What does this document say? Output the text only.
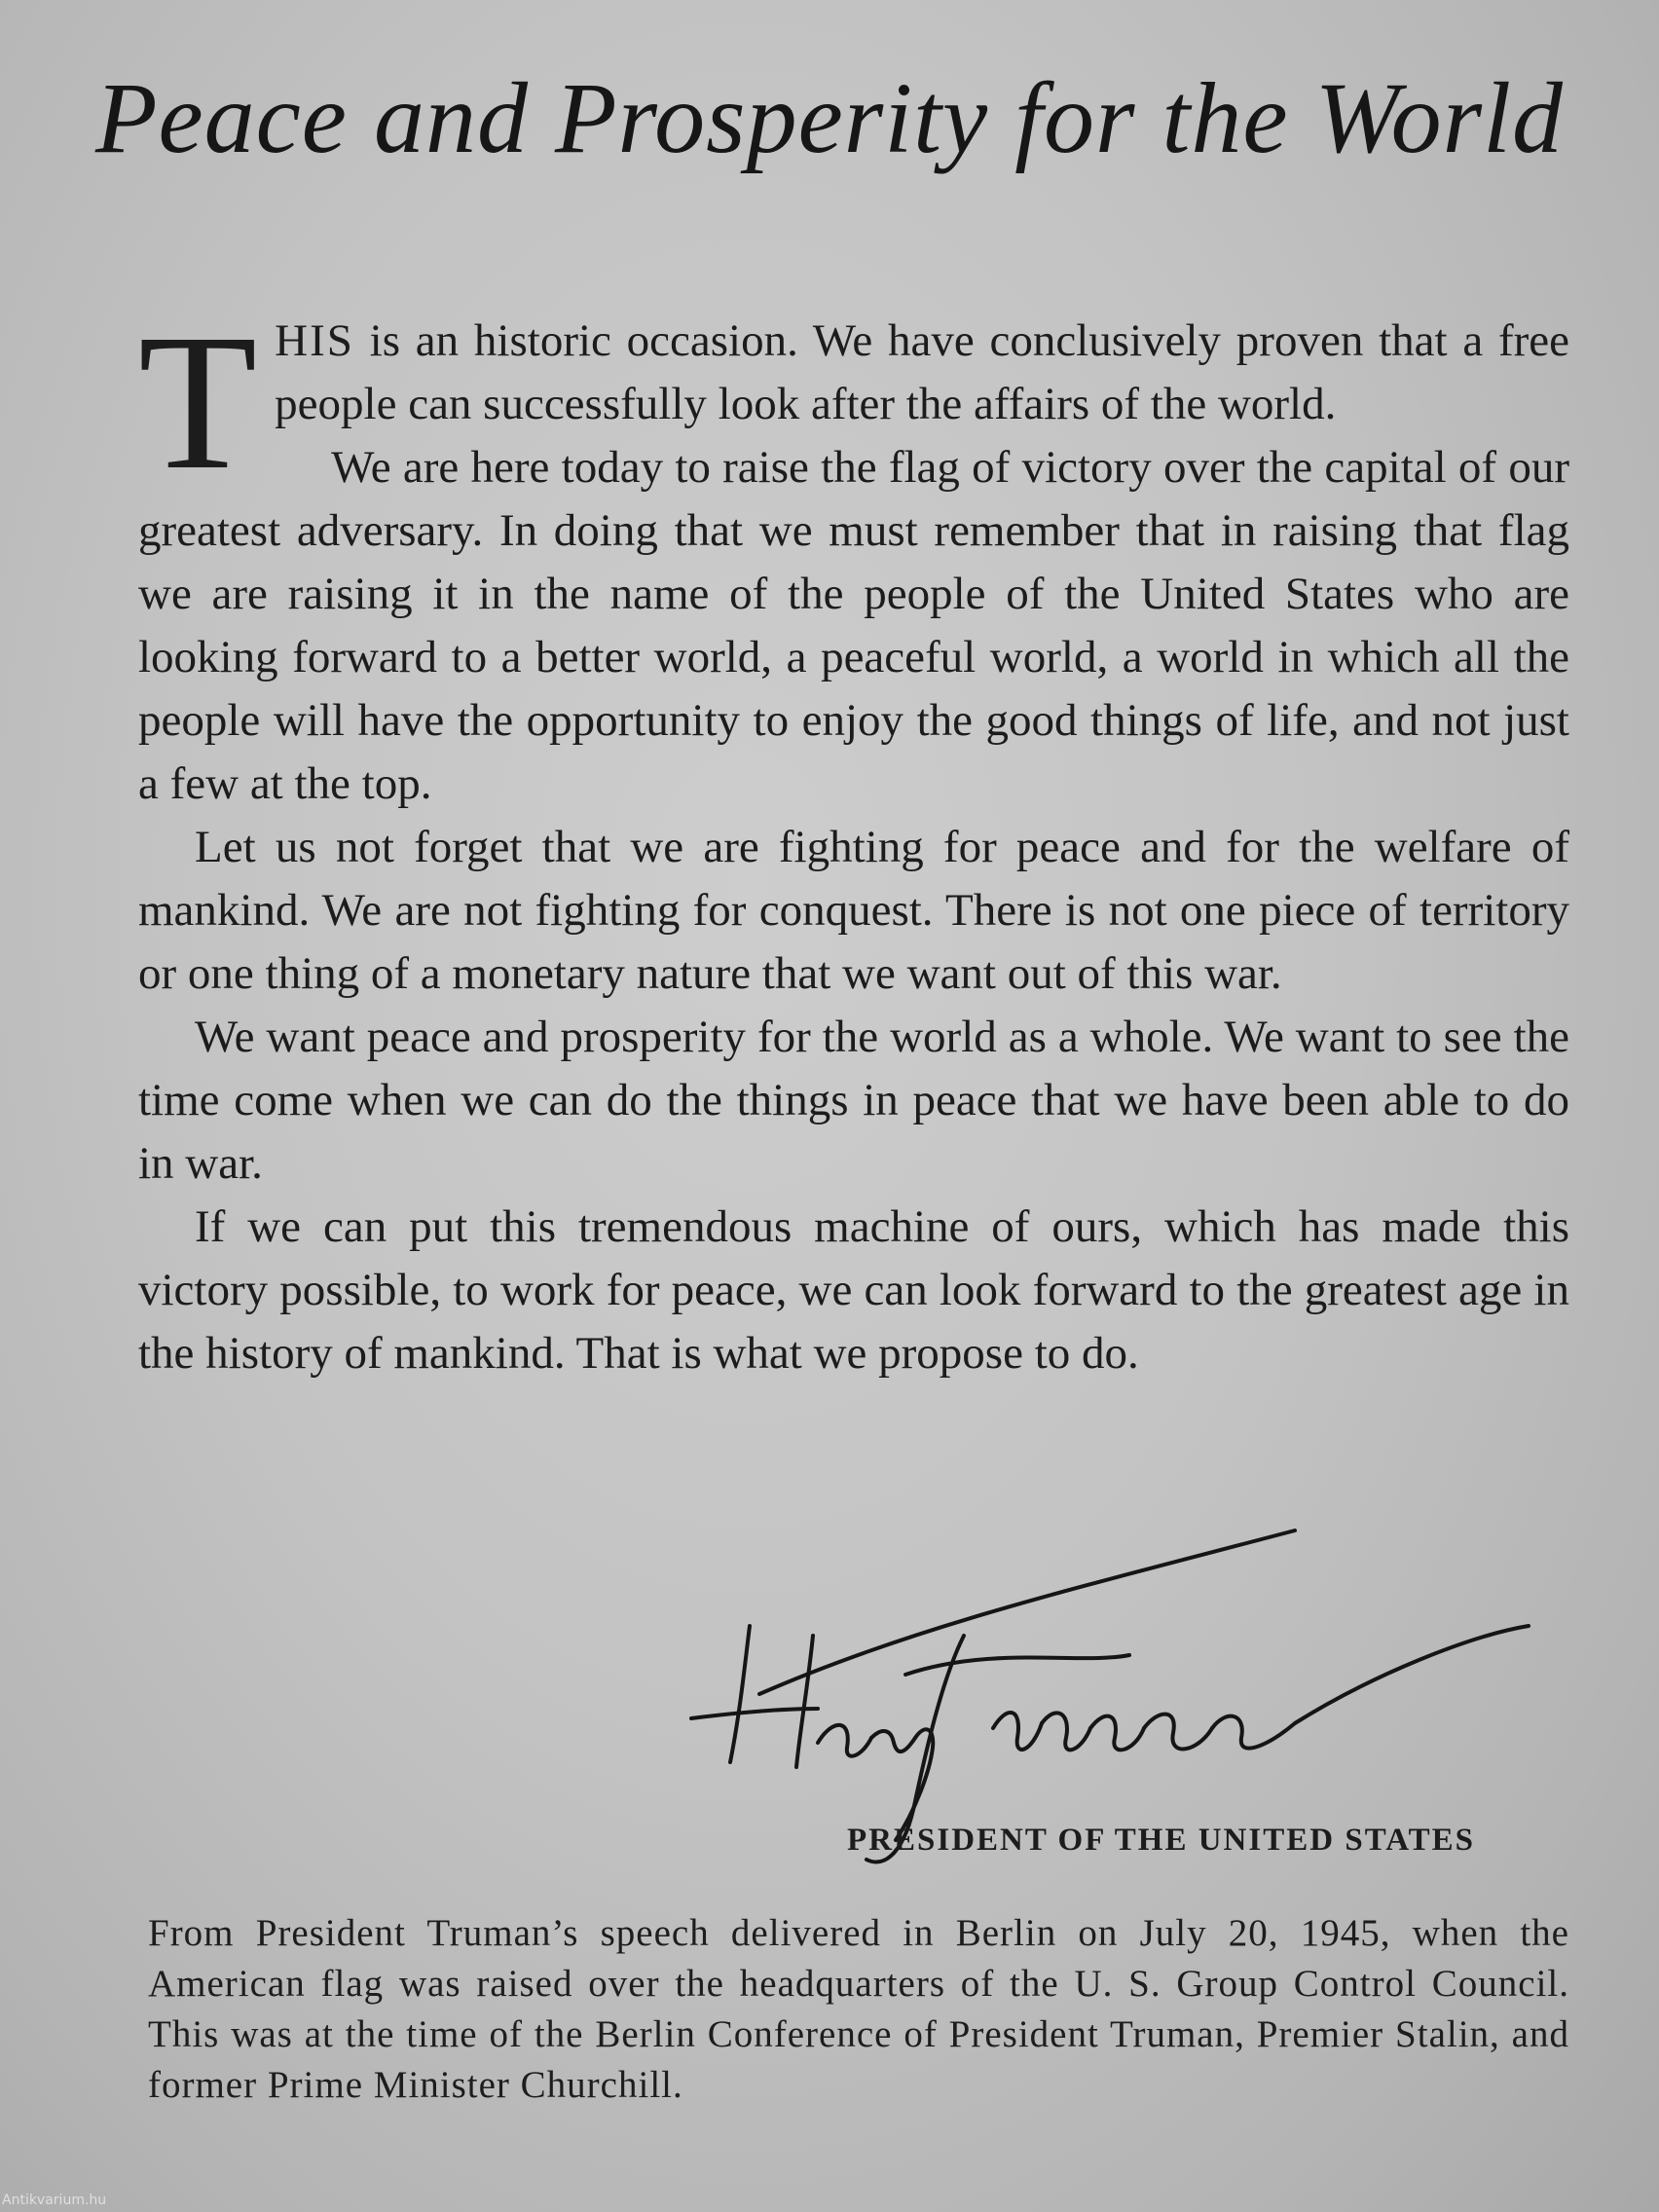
Peace and Prosperity for the World

THIS is an historic occasion. We have conclusively proven that a free people can successfully look after the affairs of the world.

We are here today to raise the flag of victory over the capital of our greatest adversary. In doing that we must remember that in raising that flag we are raising it in the name of the people of the United States who are looking forward to a better world, a peaceful world, a world in which all the people will have the opportunity to enjoy the good things of life, and not just a few at the top.

Let us not forget that we are fighting for peace and for the welfare of mankind. We are not fighting for conquest. There is not one piece of territory or one thing of a monetary nature that we want out of this war.

We want peace and prosperity for the world as a whole. We want to see the time come when we can do the things in peace that we have been able to do in war.

If we can put this tremendous machine of ours, which has made this victory possible, to work for peace, we can look forward to the greatest age in the history of mankind. That is what we propose to do.

PRESIDENT OF THE UNITED STATES

From President Truman’s speech delivered in Berlin on July 20, 1945, when the American flag was raised over the headquarters of the U. S. Group Control Council. This was at the time of the Berlin Conference of President Truman, Premier Stalin, and former Prime Minister Churchill.

Antikvarium.hu
